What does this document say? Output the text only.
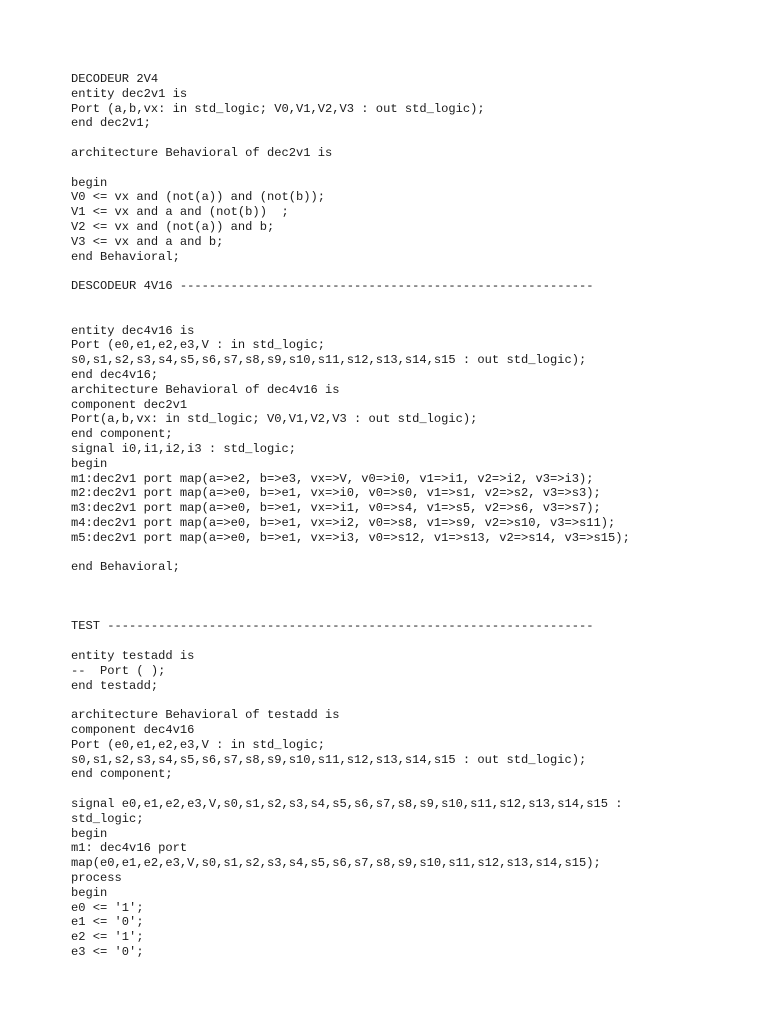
DECODEUR 2V4
entity dec2v1 is
Port (a,b,vx: in std_logic; V0,V1,V2,V3 : out std_logic);
end dec2v1;
architecture Behavioral of dec2v1 is
begin
V0 <= vx and (not(a)) and (not(b));
V1 <= vx and a and (not(b))  ;
V2 <= vx and (not(a)) and b;
V3 <= vx and a and b;
end Behavioral;
DESCODEUR 4V16 ---------------------------------------------------------
entity dec4v16 is
Port (e0,e1,e2,e3,V : in std_logic;
s0,s1,s2,s3,s4,s5,s6,s7,s8,s9,s10,s11,s12,s13,s14,s15 : out std_logic);
end dec4v16;
architecture Behavioral of dec4v16 is
component dec2v1
Port(a,b,vx: in std_logic; V0,V1,V2,V3 : out std_logic);
end component;
signal i0,i1,i2,i3 : std_logic;
begin
m1:dec2v1 port map(a=>e2, b=>e3, vx=>V, v0=>i0, v1=>i1, v2=>i2, v3=>i3);
m2:dec2v1 port map(a=>e0, b=>e1, vx=>i0, v0=>s0, v1=>s1, v2=>s2, v3=>s3);
m3:dec2v1 port map(a=>e0, b=>e1, vx=>i1, v0=>s4, v1=>s5, v2=>s6, v3=>s7);
m4:dec2v1 port map(a=>e0, b=>e1, vx=>i2, v0=>s8, v1=>s9, v2=>s10, v3=>s11);
m5:dec2v1 port map(a=>e0, b=>e1, vx=>i3, v0=>s12, v1=>s13, v2=>s14, v3=>s15);
end Behavioral;
TEST -------------------------------------------------------------------
entity testadd is
--  Port ( );
end testadd;
architecture Behavioral of testadd is
component dec4v16
Port (e0,e1,e2,e3,V : in std_logic;
s0,s1,s2,s3,s4,s5,s6,s7,s8,s9,s10,s11,s12,s13,s14,s15 : out std_logic);
end component;
signal e0,e1,e2,e3,V,s0,s1,s2,s3,s4,s5,s6,s7,s8,s9,s10,s11,s12,s13,s14,s15 :
std_logic;
begin
m1: dec4v16 port
map(e0,e1,e2,e3,V,s0,s1,s2,s3,s4,s5,s6,s7,s8,s9,s10,s11,s12,s13,s14,s15);
process
begin
e0 <= '1';
e1 <= '0';
e2 <= '1';
e3 <= '0';
